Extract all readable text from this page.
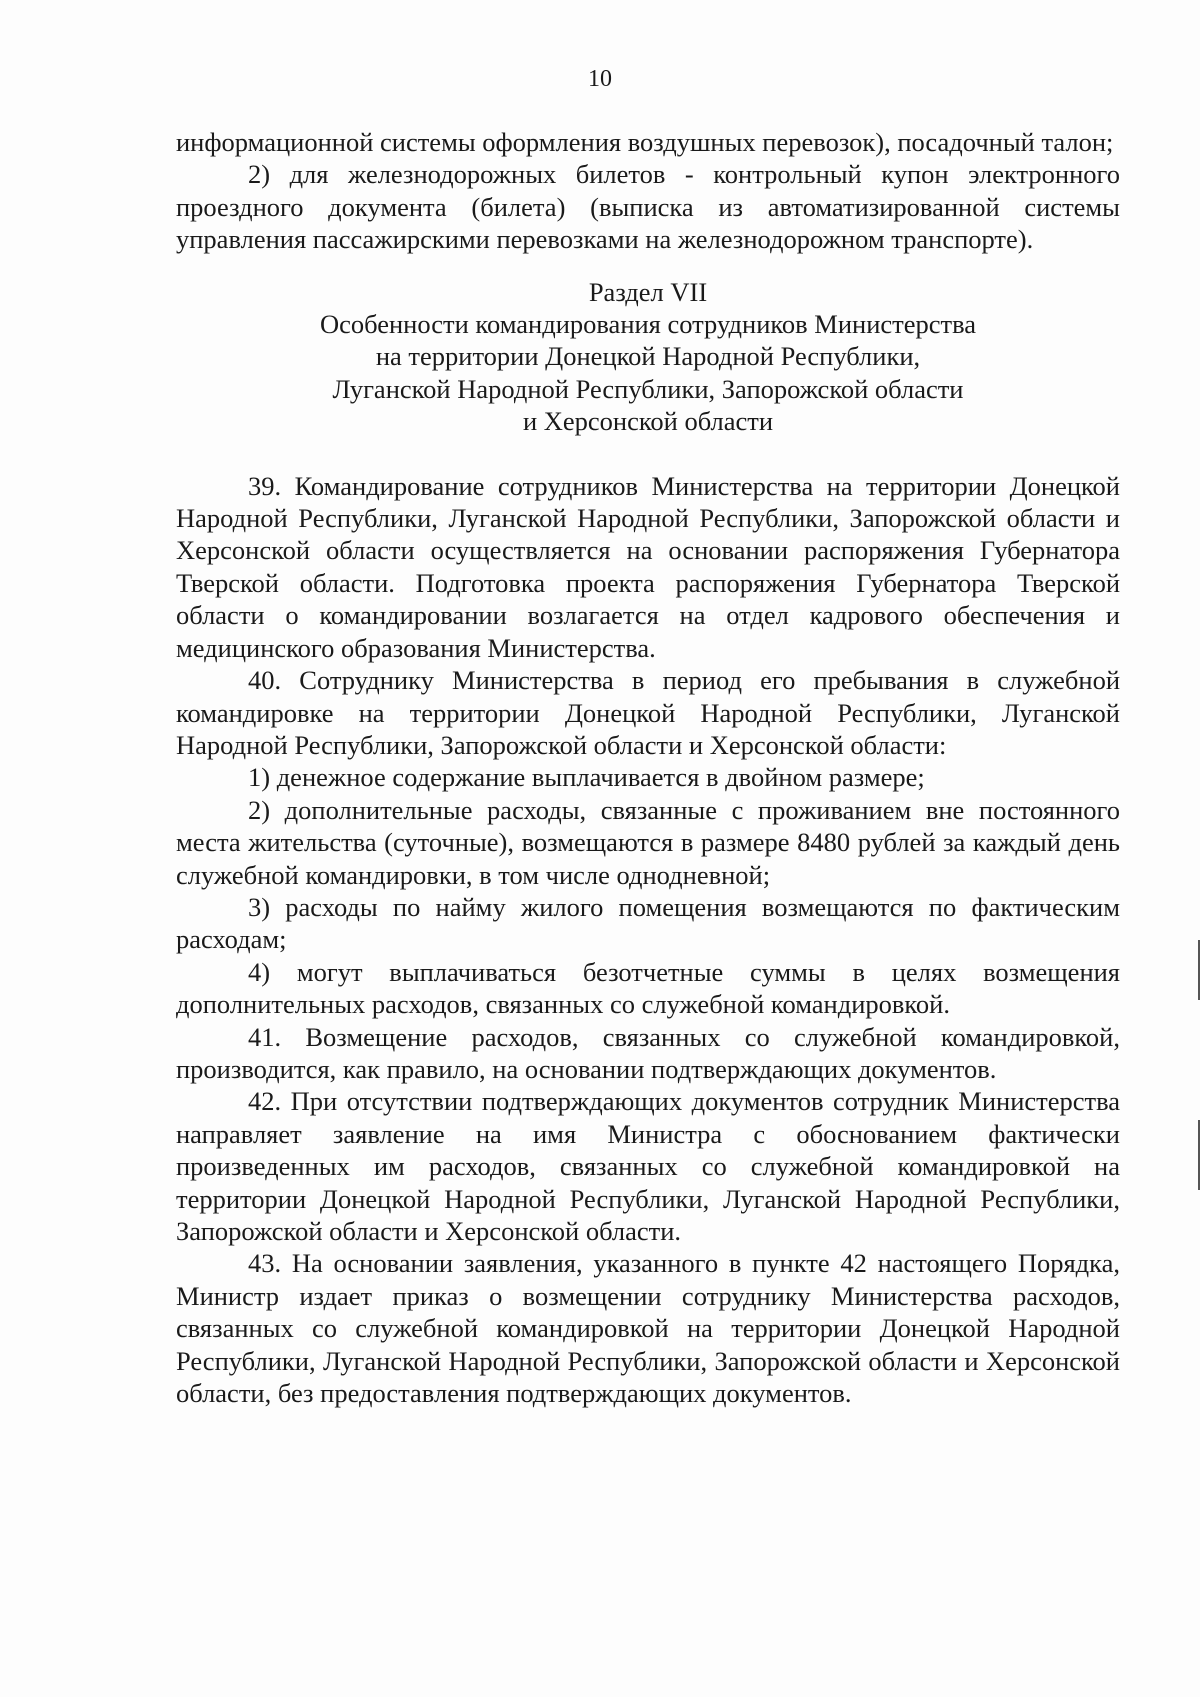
10

информационной системы оформления воздушных перевозок), посадочный талон;

2) для железнодорожных билетов - контрольный купон электронного проездного документа (билета) (выписка из автоматизированной системы управления пассажирскими перевозками на железнодорожном транспорте).

Раздел VII
Особенности командирования сотрудников Министерства
на территории Донецкой Народной Республики,
Луганской Народной Республики, Запорожской области
и Херсонской области

39. Командирование сотрудников Министерства на территории Донецкой Народной Республики, Луганской Народной Республики, Запорожской области и Херсонской области осуществляется на основании распоряжения Губернатора Тверской области. Подготовка проекта распоряжения Губернатора Тверской области о командировании возлагается на отдел кадрового обеспечения и медицинского образования Министерства.

40. Сотруднику Министерства в период его пребывания в служебной командировке на территории Донецкой Народной Республики, Луганской Народной Республики, Запорожской области и Херсонской области:

1) денежное содержание выплачивается в двойном размере;

2) дополнительные расходы, связанные с проживанием вне постоянного места жительства (суточные), возмещаются в размере 8480 рублей за каждый день служебной командировки, в том числе однодневной;

3) расходы по найму жилого помещения возмещаются по фактическим расходам;

4) могут выплачиваться безотчетные суммы в целях возмещения дополнительных расходов, связанных со служебной командировкой.

41. Возмещение расходов, связанных со служебной командировкой, производится, как правило, на основании подтверждающих документов.

42. При отсутствии подтверждающих документов сотрудник Министерства направляет заявление на имя Министра с обоснованием фактически произведенных им расходов, связанных со служебной командировкой на территории Донецкой Народной Республики, Луганской Народной Республики, Запорожской области и Херсонской области.

43. На основании заявления, указанного в пункте 42 настоящего Порядка, Министр издает приказ о возмещении сотруднику Министерства расходов, связанных со служебной командировкой на территории Донецкой Народной Республики, Луганской Народной Республики, Запорожской области и Херсонской области, без предоставления подтверждающих документов.
